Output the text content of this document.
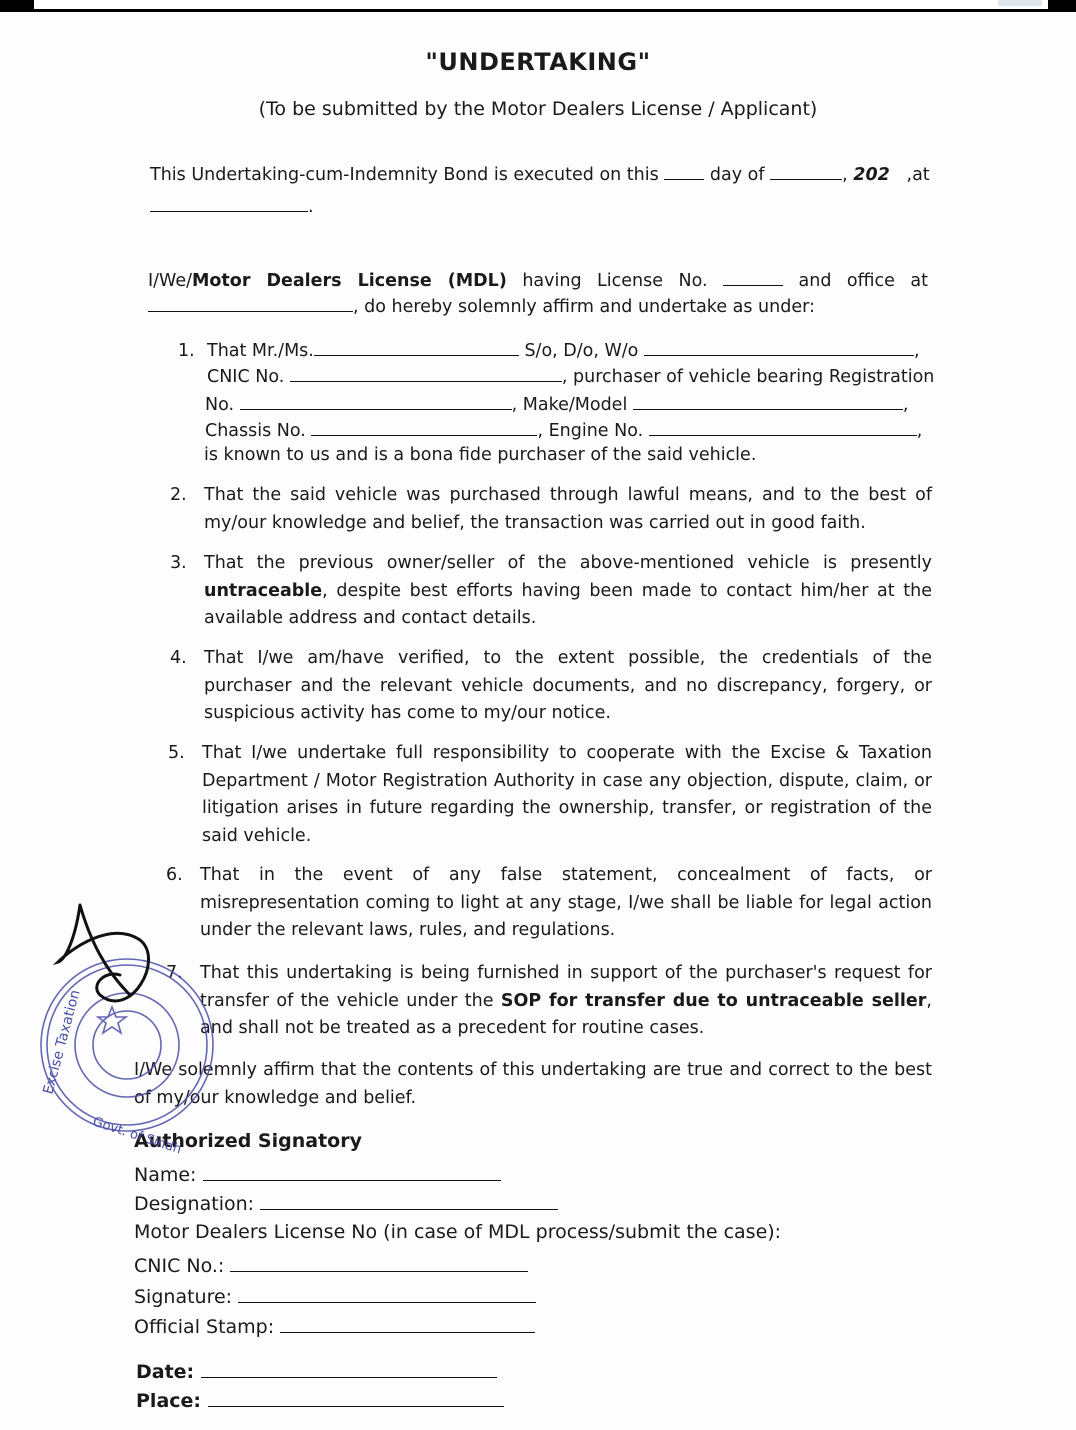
"UNDERTAKING"
(To be submitted by the Motor Dealers License / Applicant)
This Undertaking-cum-Indemnity Bond is executed on this	day of	, 202 ,at
.
I/We/Motor Dealers License (MDL) having License No.	and office at
, do hereby solemnly affirm and undertake as under:
1. That Mr./Ms.	S/o, D/o, W/o	,
CNIC No.	, purchaser of vehicle bearing Registration
No.	, Make/Model	,
Chassis No.	, Engine No.	,
is known to us and is a bona fide purchaser of the said vehicle.
2. That the said vehicle was purchased through lawful means, and to the best of my/our knowledge and belief, the transaction was carried out in good faith.
3. That the previous owner/seller of the above-mentioned vehicle is presently untraceable, despite best efforts having been made to contact him/her at the available address and contact details.
4. That I/we am/have verified, to the extent possible, the credentials of the purchaser and the relevant vehicle documents, and no discrepancy, forgery, or suspicious activity has come to my/our notice.
5. That I/we undertake full responsibility to cooperate with the Excise & Taxation Department / Motor Registration Authority in case any objection, dispute, claim, or litigation arises in future regarding the ownership, transfer, or registration of the said vehicle.
6. That in the event of any false statement, concealment of facts, or misrepresentation coming to light at any stage, I/we shall be liable for legal action under the relevant laws, rules, and regulations.
7. That this undertaking is being furnished in support of the purchaser's request for transfer of the vehicle under the SOP for transfer due to untraceable seller, and shall not be treated as a precedent for routine cases.
I/We solemnly affirm that the contents of this undertaking are true and correct to the best of my/our knowledge and belief.
Authorized Signatory
Name:
Designation:
Motor Dealers License No (in case of MDL process/submit the case):
CNIC No.:
Signature:
Official Stamp:
Date:
Place:
Excise Taxation
Govt. of Sindh
